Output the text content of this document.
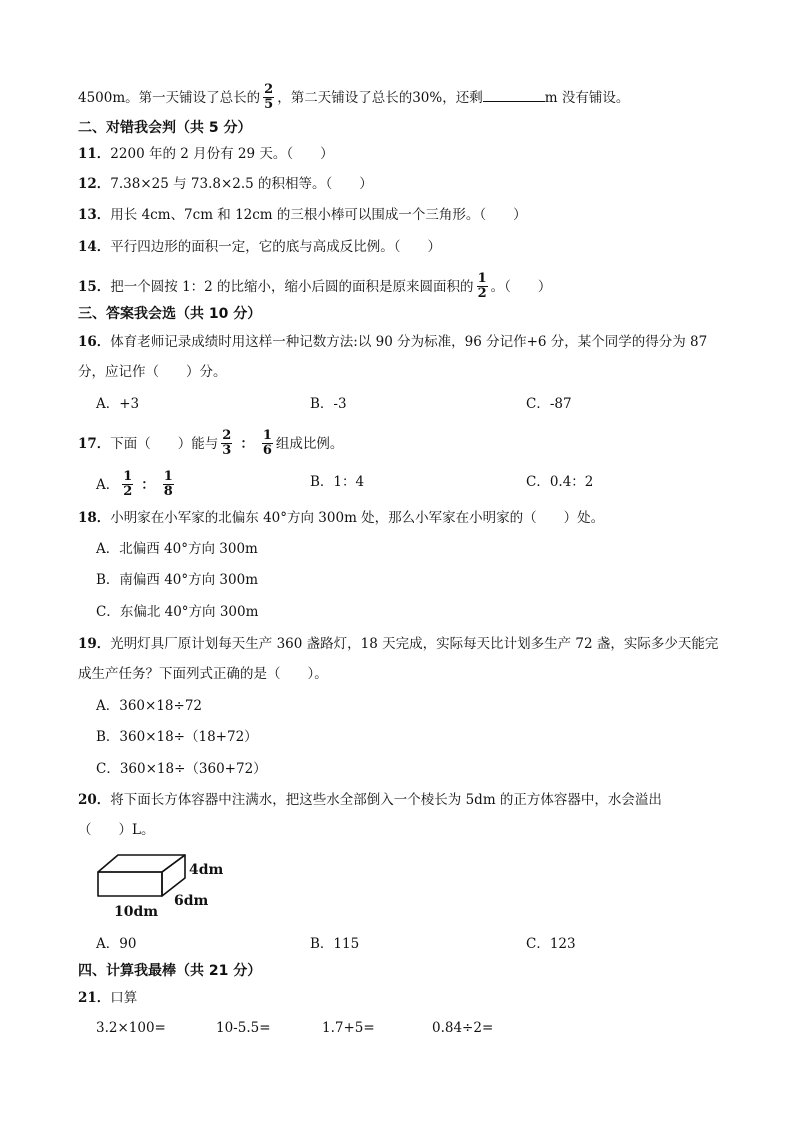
4500m。第一天铺设了总长的 $\frac{2}{5}$ ，第二天铺设了总长的30%，还剩	m 没有铺设。
二、对错我会判（共 5 分）
11．2200 年的 2 月份有 29 天。（　　）
12．7.38×25 与 73.8×2.5 的积相等。（　　）
13．用长 4cm、7cm 和 12cm 的三根小棒可以围成一个三角形。（　　）
14．平行四边形的面积一定，它的底与高成反比例。（　　）
15．把一个圆按 1：2 的比缩小，缩小后圆的面积是原来圆面积的 $\frac{1}{2}$ 。（　　）
三、答案我会选（共 10 分）
16．体育老师记录成绩时用这样一种记数方法:以 90 分为标准，96 分记作+6 分，某个同学的得分为 87
分，应记作（　　）分。
A．+3	B．-3	C．-87
17．下面（　　）能与 $\frac{2}{3}$ ： $\frac{1}{6}$ 组成比例。
A． $\frac{1}{2}$ ： $\frac{1}{8}$	B．1：4	C．0.4：2
18．小明家在小军家的北偏东 40°方向 300m 处，那么小军家在小明家的（　　）处。
A．北偏西 40°方向 300m
B．南偏西 40°方向 300m
C．东偏北 40°方向 300m
19．光明灯具厂原计划每天生产 360 盏路灯，18 天完成，实际每天比计划多生产 72 盏，实际多少天能完
成生产任务？下面列式正确的是（　　）。
A．360×18÷72
B．360×18÷（18+72）
C．360×18÷（360+72）
20．将下面长方体容器中注满水，把这些水全部倒入一个棱长为 5dm 的正方体容器中，水会溢出
（　　）L。
4dm
6dm
10dm
A．90	B．115	C．123
四、计算我最棒（共 21 分）
21．口算
3.2×100=	10-5.5=	1.7+5=	0.84÷2=
